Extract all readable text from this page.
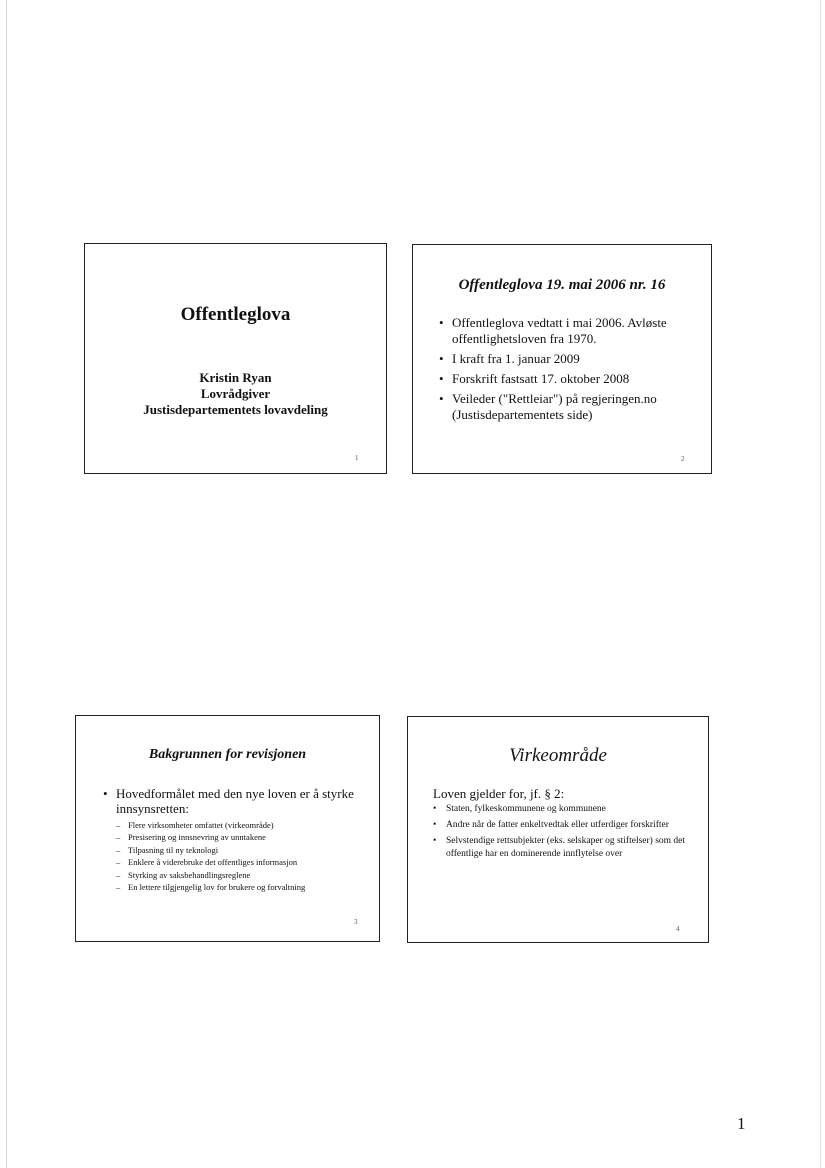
Offentleglova
Kristin Ryan
Lovrådgiver
Justisdepartementets lovavdeling
1
Offentleglova 19. mai 2006 nr. 16
• Offentleglova vedtatt i mai 2006. Avløste offentlighetsloven fra 1970.
• I kraft fra 1. januar 2009
• Forskrift fastsatt 17. oktober 2008
• Veileder ("Rettleiar") på regjeringen.no (Justisdepartementets side)
2
Bakgrunnen for revisjonen
• Hovedformålet med den nye loven er å styrke innsynsretten:
– Flere virksomheter omfattet (virkeområde)
– Presisering og innsnevring av unntakene
– Tilpasning til ny teknologi
– Enklere å viderebruke det offentliges informasjon
– Styrking av saksbehandlingsreglene
– En lettere tilgjengelig lov for brukere og forvaltning
3
Virkeområde
Loven gjelder for, jf. § 2:
• Staten, fylkeskommunene og kommunene
• Andre når de fatter enkeltvedtak eller utferdiger forskrifter
• Selvstendige rettsubjekter (eks. selskaper og stiftelser) som det offentlige har en dominerende innflytelse over
4
1
